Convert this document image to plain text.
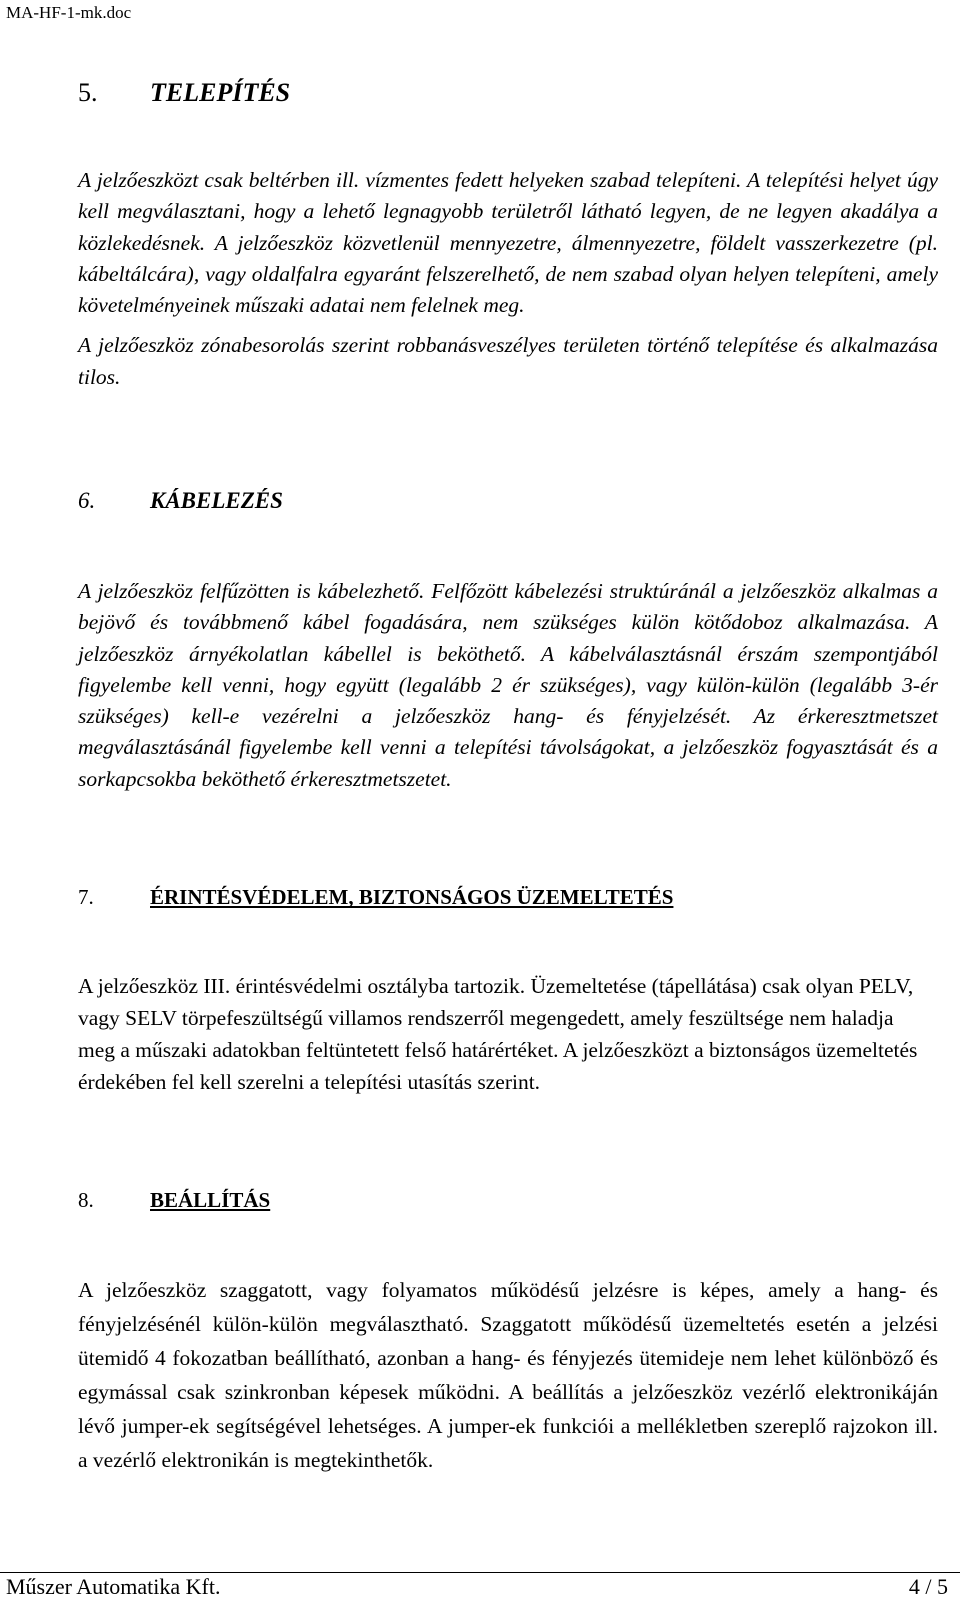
MA-HF-1-mk.doc
5. TELEPÍTÉS

A jelzőeszközt csak beltérben ill. vízmentes fedett helyeken szabad telepíteni. A telepítési helyet úgy kell megválasztani, hogy a lehető legnagyobb területről látható legyen, de ne legyen akadálya a közlekedésnek. A jelzőeszköz közvetlenül mennyezetre, álmennyezetre, földelt vasszerkezetre (pl. kábeltálcára), vagy oldalfalra egyaránt felszerelhető, de nem szabad olyan helyen telepíteni, amely követelményeinek műszaki adatai nem felelnek meg.

A jelzőeszköz zónabesorolás szerint robbanásveszélyes területen történő telepítése és alkalmazása tilos.

6. KÁBELEZÉS

A jelzőeszköz felfűzötten is kábelezhető. Felfőzött kábelezési struktúránál a jelzőeszköz alkalmas a bejövő és továbbmenő kábel fogadására, nem szükséges külön kötődoboz alkalmazása. A jelzőeszköz árnyékolatlan kábellel is beköthető. A kábelválasztásnál érszám szempontjából figyelembe kell venni, hogy együtt (legalább 2 ér szükséges), vagy külön-külön (legalább 3-ér szükséges) kell-e vezérelni a jelzőeszköz hang- és fényjelzését. Az érkeresztmetszet megválasztásánál figyelembe kell venni a telepítési távolságokat, a jelzőeszköz fogyasztását és a sorkapcsokba beköthető érkeresztmetszetet.

7.	ÉRINTÉSVÉDELEM, BIZTONSÁGOS ÜZEMELTETÉS

A jelzőeszköz III. érintésvédelmi osztályba tartozik. Üzemeltetése (tápellátása) csak olyan PELV, vagy SELV törpefeszültségű villamos rendszerről megengedett, amely feszültsége nem haladja meg a műszaki adatokban feltüntetett felső határértéket. A jelzőeszközt a biztonságos üzemeltetés érdekében fel kell szerelni a telepítési utasítás szerint.

8.	BEÁLLÍTÁS

A jelzőeszköz szaggatott, vagy folyamatos működésű jelzésre is képes, amely a hang- és fényjelzésénél külön-külön megválasztható. Szaggatott működésű üzemeltetés esetén a jelzési ütemidő 4 fokozatban beállítható, azonban a hang- és fényjezés ütemideje nem lehet különböző és egymással csak szinkronban képesek működni. A beállítás a jelzőeszköz vezérlő elektronikáján lévő jumper-ek segítségével lehetséges. A jumper-ek funkciói a mellékletben szereplő rajzokon ill. a vezérlő elektronikán is megtekinthetők.

Műszer Automatika Kft.	4 / 5
